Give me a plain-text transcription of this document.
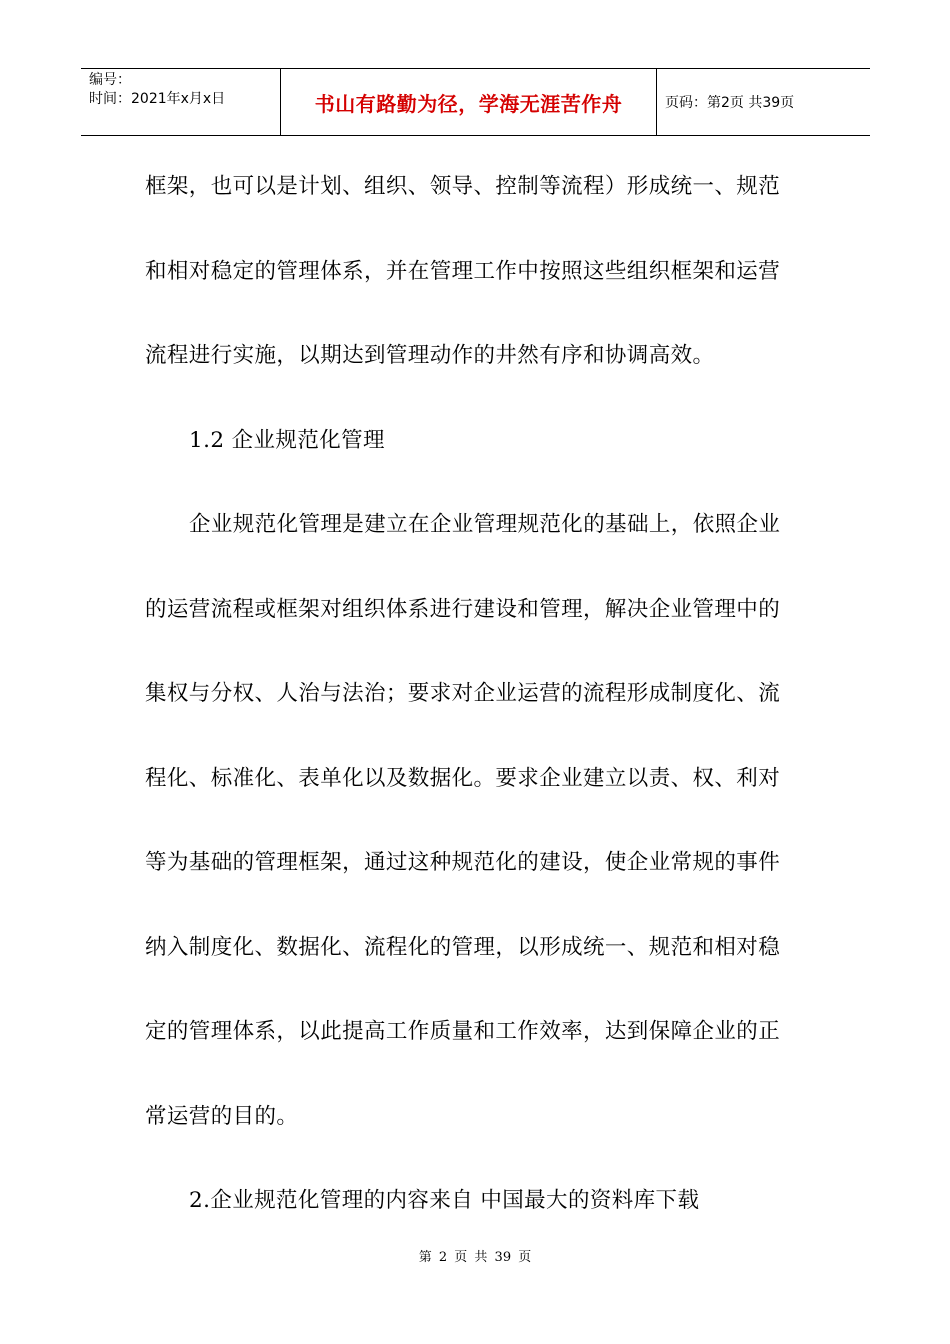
编号：
时间：2021年x月x日	书山有路勤为径，学海无涯苦作舟	页码：第2页 共39页
框架，也可以是计划、组织、领导、控制等流程）形成统一、规范
和相对稳定的管理体系，并在管理工作中按照这些组织框架和运营
流程进行实施，以期达到管理动作的井然有序和协调高效。
1.2 企业规范化管理
企业规范化管理是建立在企业管理规范化的基础上，依照企业
的运营流程或框架对组织体系进行建设和管理，解决企业管理中的
集权与分权、人治与法治；要求对企业运营的流程形成制度化、流
程化、标准化、表单化以及数据化。要求企业建立以责、权、利对
等为基础的管理框架，通过这种规范化的建设，使企业常规的事件
纳入制度化、数据化、流程化的管理，以形成统一、规范和相对稳
定的管理体系，以此提高工作质量和工作效率，达到保障企业的正
常运营的目的。
2.企业规范化管理的内容来自 中国最大的资料库下载
第 2 页 共 39 页
